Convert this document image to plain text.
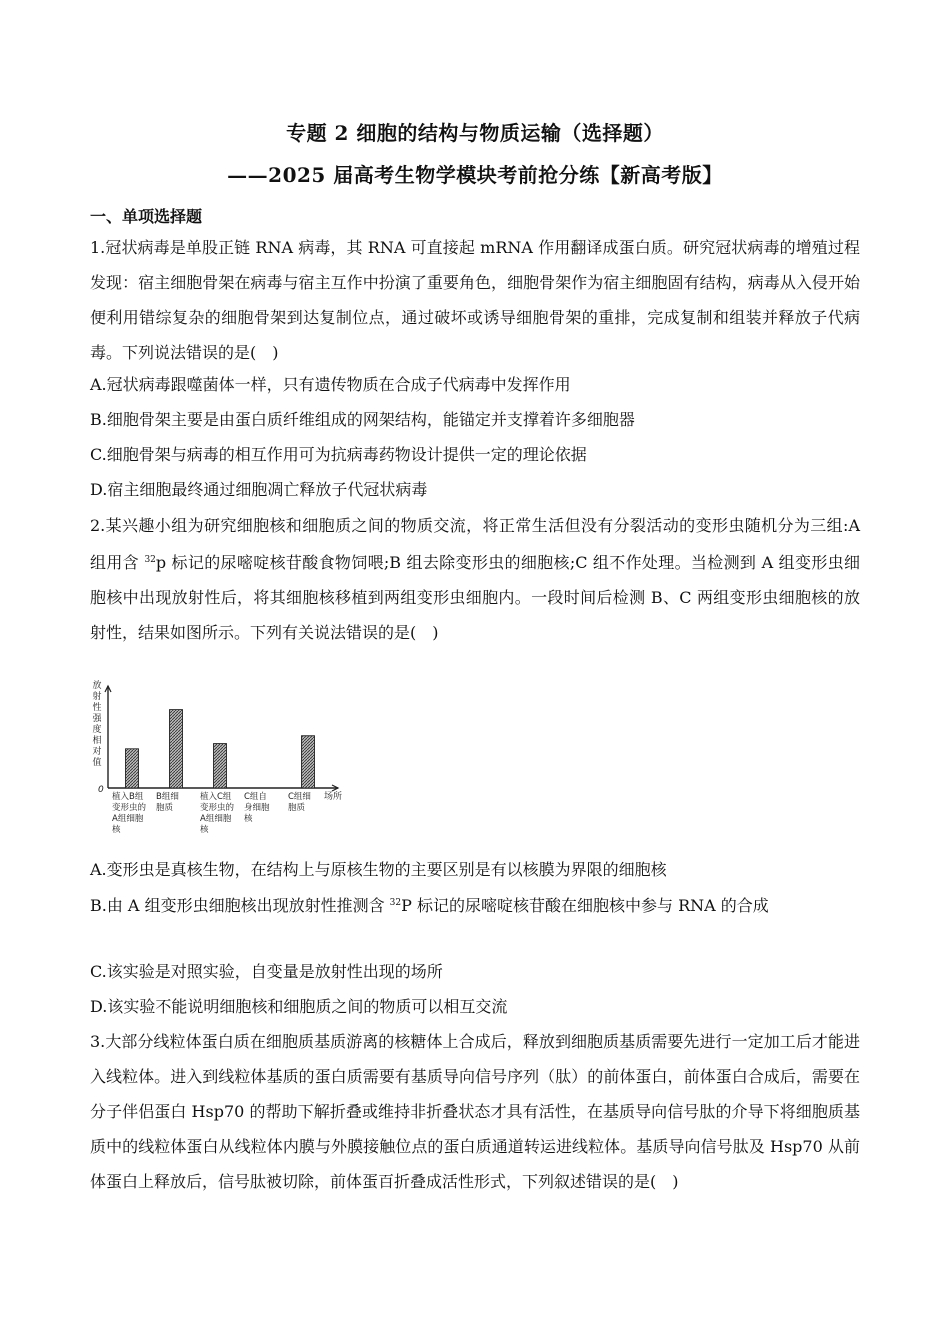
专题 2 细胞的结构与物质运输（选择题）
——2025 届高考生物学模块考前抢分练【新高考版】
一、单项选择题
1.冠状病毒是单股正链 RNA 病毒，其 RNA 可直接起 mRNA 作用翻译成蛋白质。研究冠状病毒的增殖过程发现：宿主细胞骨架在病毒与宿主互作中扮演了重要角色，细胞骨架作为宿主细胞固有结构，病毒从入侵开始便利用错综复杂的细胞骨架到达复制位点，通过破坏或诱导细胞骨架的重排，完成复制和组装并释放子代病毒。下列说法错误的是(　)
A.冠状病毒跟噬菌体一样，只有遗传物质在合成子代病毒中发挥作用
B.细胞骨架主要是由蛋白质纤维组成的网架结构，能锚定并支撑着许多细胞器
C.细胞骨架与病毒的相互作用可为抗病毒药物设计提供一定的理论依据
D.宿主细胞最终通过细胞凋亡释放子代冠状病毒
2.某兴趣小组为研究细胞核和细胞质之间的物质交流，将正常生活但没有分裂活动的变形虫随机分为三组:A 组用含 $^{32}$p 标记的尿嘧啶核苷酸食物饲喂;B 组去除变形虫的细胞核;C 组不作处理。当检测到 A 组变形虫细胞核中出现放射性后，将其细胞核移植到两组变形虫细胞内。一段时间后检测 B、C 两组变形虫细胞核的放射性，结果如图所示。下列有关说法错误的是(　)
0
放射性强度相对值
场所
植入B组变形虫的 A组细胞核
B组细胞质
植入C组变形虫的 A组细胞核
C组自身细胞核
C组细胞质
A.变形虫是真核生物，在结构上与原核生物的主要区别是有以核膜为界限的细胞核
B.由 A 组变形虫细胞核出现放射性推测含 $^{32}$P 标记的尿嘧啶核苷酸在细胞核中参与 RNA 的合成
C.该实验是对照实验，自变量是放射性出现的场所
D.该实验不能说明细胞核和细胞质之间的物质可以相互交流
3.大部分线粒体蛋白质在细胞质基质游离的核糖体上合成后，释放到细胞质基质需要先进行一定加工后才能进入线粒体。进入到线粒体基质的蛋白质需要有基质导向信号序列（肽）的前体蛋白，前体蛋白合成后，需要在分子伴侣蛋白 Hsp70 的帮助下解折叠或维持非折叠状态才具有活性，在基质导向信号肽的介导下将细胞质基质中的线粒体蛋白从线粒体内膜与外膜接触位点的蛋白质通道转运进线粒体。基质导向信号肽及 Hsp70 从前体蛋白上释放后，信号肽被切除，前体蛋百折叠成活性形式，下列叙述错误的是(　)
